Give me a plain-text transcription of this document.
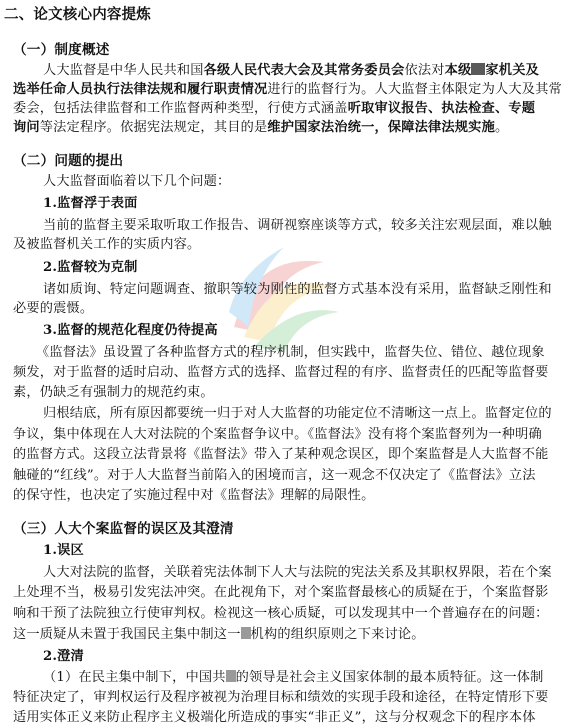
二、论文核心内容提炼
（一）制度概述
人大监督是中华人民共和国各级人民代表大会及其常务委员会依法对本级 家机关及
选举任命人员执行法律法规和履行职责情况进行的监督行为。人大监督主体限定为人大及其常
委会，包括法律监督和工作监督两种类型，行使方式涵盖听取审议报告、执法检查、专题
询问等法定程序。依据宪法规定，其目的是维护国家法治统一，保障法律法规实施。
（二）问题的提出
人大监督面临着以下几个问题：
1.监督浮于表面
当前的监督主要采取听取工作报告、调研视察座谈等方式，较多关注宏观层面，难以触
及被监督机关工作的实质内容。
2.监督较为克制
诸如质询、特定问题调查、撤职等较为刚性的监督方式基本没有采用，监督缺乏刚性和
必要的震慑。
3.监督的规范化程度仍待提高
《监督法》虽设置了各种监督方式的程序机制，但实践中，监督失位、错位、越位现象
频发，对于监督的适时启动、监督方式的选择、监督过程的有序、监督责任的匹配等监督要
素，仍缺乏有强制力的规范约束。
归根结底，所有原因都要统一归于对人大监督的功能定位不清晰这一点上。监督定位的
争议，集中体现在人大对法院的个案监督争议中。《监督法》没有将个案监督列为一种明确
的监督方式。这段立法背景将《监督法》带入了某种观念误区，即个案监督是人大监督不能
触碰的“红线”。对于人大监督当前陷入的困境而言，这一观念不仅决定了《监督法》立法
的保守性，也决定了实施过程中对《监督法》理解的局限性。
（三）人大个案监督的误区及其澄清
1.误区
人大对法院的监督，关联着宪法体制下人大与法院的宪法关系及其职权界限，若在个案
上处理不当，极易引发宪法冲突。在此视角下，对个案监督最核心的质疑在于，个案监督影
响和干预了法院独立行使审判权。检视这一核心质疑，可以发现其中一个普遍存在的问题：
这一质疑从未置于我国民主集中制这一 机构的组织原则之下来讨论。
2.澄清
（1）在民主集中制下，中国共 的领导是社会主义国家体制的最本质特征。这一体制
特征决定了，审判权运行及程序被视为治理目标和绩效的实现手段和途径，在特定情形下要
适用实体正义来防止程序主义极端化所造成的事实“非正义”，这与分权观念下的程序本体
